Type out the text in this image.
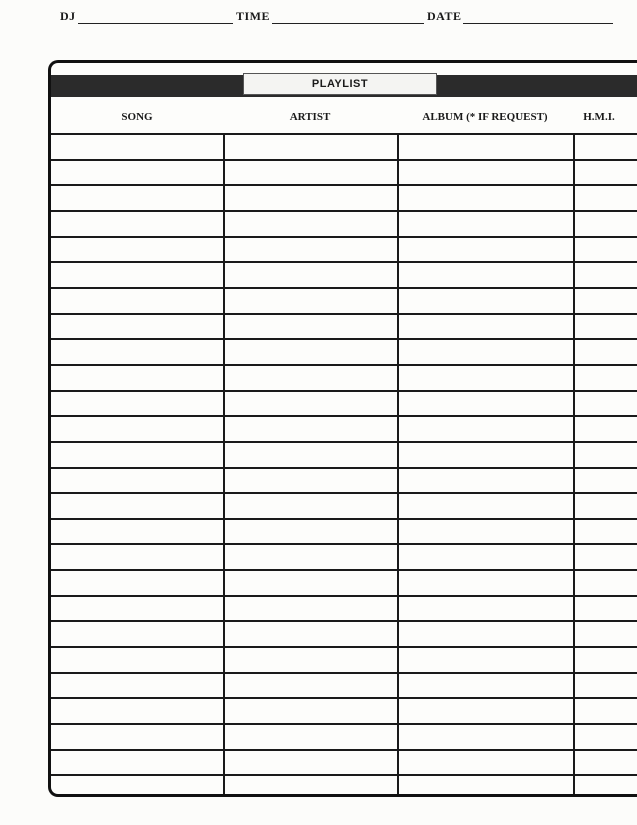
DJ	TIME	DATE
PLAYLIST
SONG	ARTIST	ALBUM (* IF REQUEST)	H.M.I.
